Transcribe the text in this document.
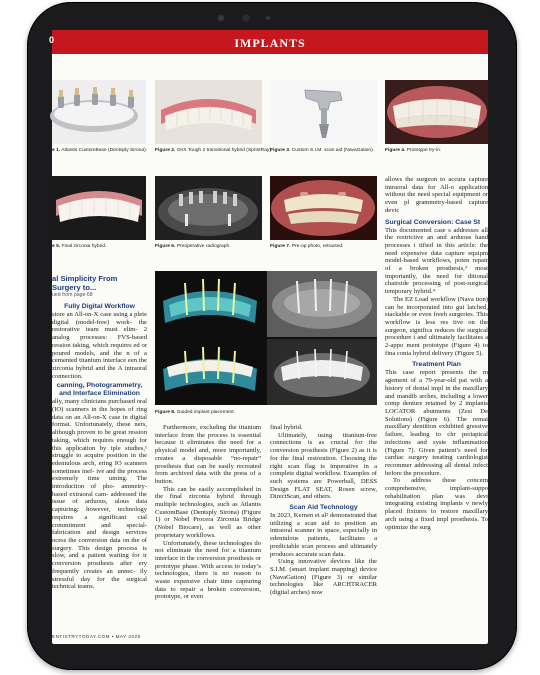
0	IMPLANTS
e 1. Atlantis CustomBase (Dentsply Sirona). Figure 2. OnX Tough 2 transitional hybrid (SprintRay).
Figure 3. Custom S.I.M. scan aid (NavaGation). Figure 4. Prototype try-in.
e 5. Final zirconia hybrid.	Figure 6. Preoperative radiograph.	Figure 7. Pre-op photo, retracted.
Figure 8. Guided implant placement.
al Simplicity From Surgery to...
ued from page 68
Fully Digital Workflow

store an All-on-X case using a plete digital (model-free) work- the restorative team must elim- 2 analog processes: FVS-based ression taking, which requires ed or poured models, and the n of a cemented titanium interface een the zirconia hybrid and the A intraoral connection.

canning, Photogrammetry, and Interface Elimination

ally, many clinicians purchased oral (IO) scanners in the hopes of ring data on an All-on-X case in digital format. Unfortunately, these ners, although proven to be great ression taking, which requires enough for this application by iple studies,¹ struggle to acquire position in the edentulous arch, ering IO scanners sometimes inef- ive and the process extremely time uming. The introduction of pho- ammetry-based extraoral cam- addressed the issue of arduous, ulous data capturing; however, technology requires a significant cial commitment and special- fabrication and design services ocess the conversion data on the of surgery. This design process is slow, and a patient waiting for ir conversion prosthesis after ery frequently creates an unnec- ily stressful day for the surgical technical teams.

Furthermore, excluding the titanium interface from the process is essential because it eliminates the need for a physical model and, more importantly, creates a disposable “no-repair” prosthesis that can be easily recreated from archived data with the press of a button.

This can be easily accomplished in the final zirconia hybrid through multiple technologies, such as Atlantis CustomBase (Dentsply Sirona) (Figure 1) or Nobel Procera Zirconia Bridge (Nobel Biocare), as well as other proprietary workflows.

Unfortunately, these technologies do not eliminate the need for a titanium interface in the conversion prosthesis or prototype phase. With access to today’s technologies, there is no reason to waste expensive chair time capturing data to repair a broken conversion, prototype, or even

final hybrid.

Ultimately, using titanium-free connections is as crucial for the conversion prosthesis (Figure 2) as it is for the final restoration. Choosing the right scan flag is imperative in a complete digital workflow. Examples of such systems are Powerball, DESS Design FLAT SEAT, Rosen screw, DirectScan, and others.

Scan Aid Technology

In 2023, Kernen et al² demonstrated that utilizing a scan aid to position an intraoral scanner in space, especially in edentulous patients, facilitates a predictable scan process and ultimately produces accurate scan data.

Using innovative devices like the S.I.M. (smart implant mapping) device (NavaGation) (Figure 3) or similar technologies like ARCHTRACER (digital arches) now

allows the surgeon to accura capture intraoral data for All-o application without the need special equipment or even pl grammetry-based capture devic

Surgical Conversion: Case St

This documented case s addresses all the restrictive an and arduous hand processes i tified in this article: the need expensive data capture equipm model-based workflows, poten repair of a broken prosthesis,³ most importantly, the need for ditional chairside processing of post-surgical temporary hybrid.⁴

The EZ Load workflow (Nava tion) can be incorporated into gui latched, stackable or even freeh surgeries. This workflow is less res tive on the surgeon, significa reduces the surgical procedure t and ultimately facilitates a 2-appo ment prototype (Figure 4) to fina conia hybrid delivery (Figure 5).

Treatment Plan

This case report presents the m agement of a 79-year-old pat with a history of dental impl in the maxillary and mandib arches, including a lower comp denture retained by 2 implants LOCATOR abutments (Zest De Solutions) (Figure 6). The remai maxillary dentition exhibited gressive failure, leading to chr periapical infections and syste inflammation (Figure 7). Given patient’s need for cardiac surgery treating cardiologist recommer addressing all dental infect before the procedure.

To address these concern comprehensive, implant-suppo rehabilitation plan was devi integrating existing implants v newly placed fixtures to restore maxillary arch using a fixed impl prosthesis. To optimize the surg

ENTISTRYTODAY.COM • MAY 2025
